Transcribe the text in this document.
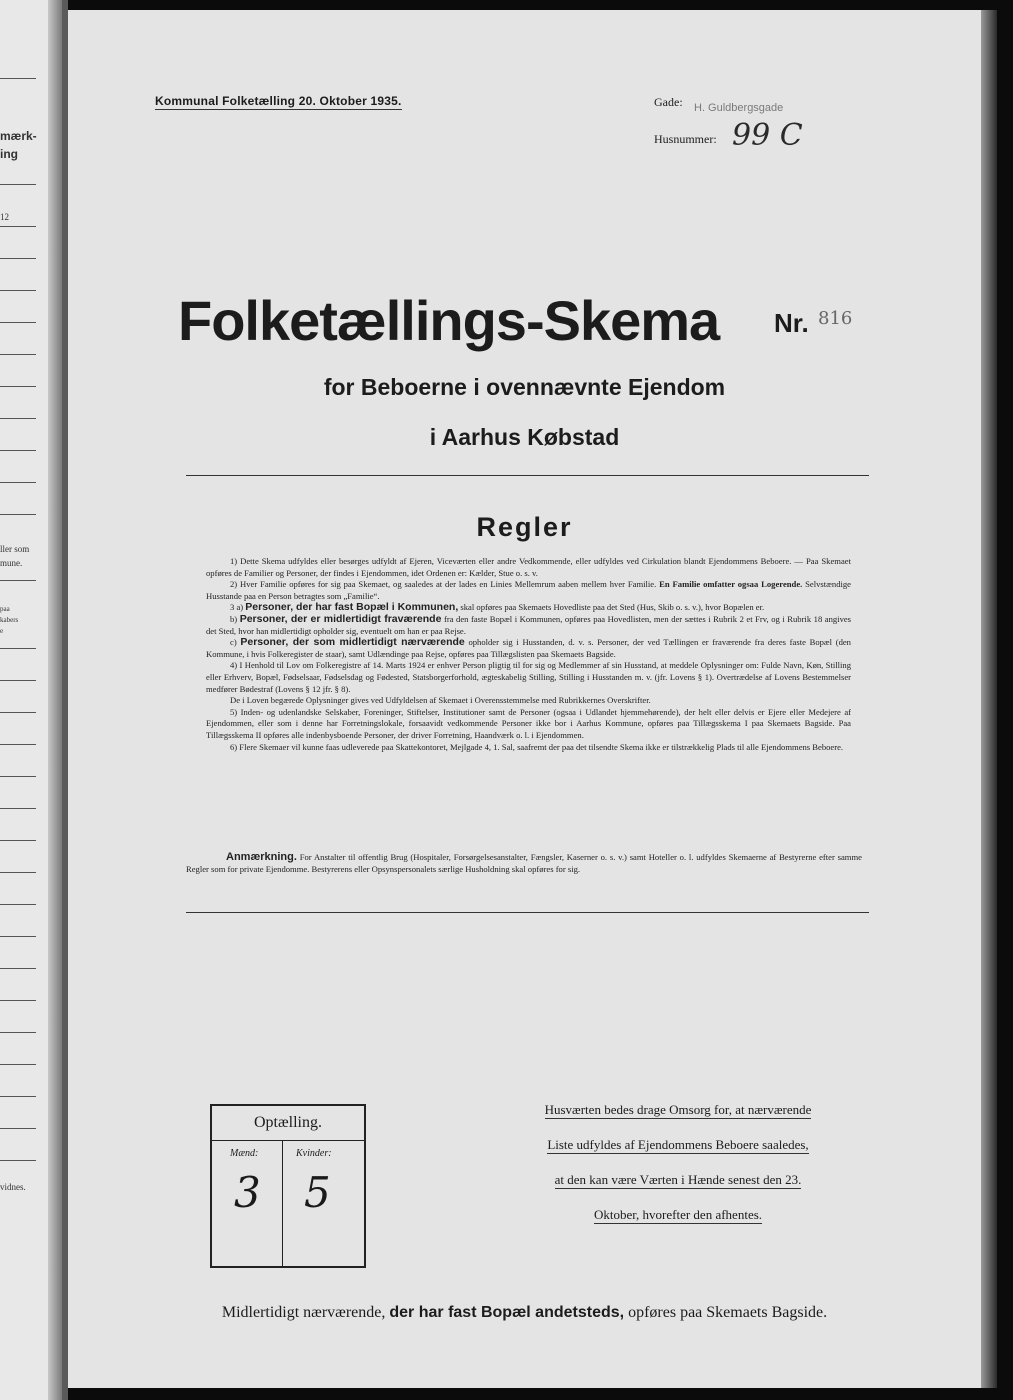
mærk-
ing
12
ller som
mune.
paa
kabers
e
vidnes.
Kommunal Folketælling 20. Oktober 1935.	Gade: H. Guldbergsgade
Husnummer: 99 C
Folketællings-Skema Nr. 816
for Beboerne i ovennævnte Ejendom
i Aarhus Købstad
Regler

1) Dette Skema udfyldes eller besørges udfyldt af Ejeren, Viceværten eller andre Vedkommende, eller udfyldes ved Cirkulation blandt Ejendommens Beboere. — Paa Skemaet opføres de Familier og Personer, der findes i Ejendommen, idet Ordenen er: Kælder, Stue o. s. v.

2) Hver Familie opføres for sig paa Skemaet, og saaledes at der lades en Linies Mellemrum aaben mellem hver Familie. En Familie omfatter ogsaa Logerende. Selvstændige Husstande paa en Person betragtes som „Familie“.

3 a) Personer, der har fast Bopæl i Kommunen, skal opføres paa Skemaets Hovedliste paa det Sted (Hus, Skib o. s. v.), hvor Bopælen er.

b) Personer, der er midlertidigt fraværende fra den faste Bopæl i Kommunen, opføres paa Hovedlisten, men der sættes i Rubrik 2 et Frv, og i Rubrik 18 angives det Sted, hvor han midlertidigt opholder sig, eventuelt om han er paa Rejse.

c) Personer, der som midlertidigt nærværende opholder sig i Husstanden, d. v. s. Personer, der ved Tællingen er fraværende fra deres faste Bopæl (den Kommune, i hvis Folkeregister de staar), samt Udlændinge paa Rejse, opføres paa Tillægslisten paa Skemaets Bagside.

4) I Henhold til Lov om Folkeregistre af 14. Marts 1924 er enhver Person pligtig til for sig og Medlemmer af sin Husstand, at meddele Oplysninger om: Fulde Navn, Køn, Stilling eller Erhverv, Bopæl, Fødselsaar, Fødselsdag og Fødested, Statsborgerforhold, ægteskabelig Stilling, Stilling i Husstanden m. v. (jfr. Lovens § 1). Overtrædelse af Lovens Bestemmelser medfører Bødestraf (Lovens § 12 jfr. § 8).

De i Loven begærede Oplysninger gives ved Udfyldelsen af Skemaet i Overensstemmelse med Rubrikkernes Overskrifter.

5) Inden- og udenlandske Selskaber, Foreninger, Stiftelser, Institutioner samt de Personer (ogsaa i Udlandet hjemmehørende), der helt eller delvis er Ejere eller Medejere af Ejendommen, eller som i denne har Forretningslokale, forsaavidt vedkommende Personer ikke bor i Aarhus Kommune, opføres paa Tillægsskema I paa Skemaets Bagside. Paa Tillægsskema II opføres alle indenbysboende Personer, der driver Forretning, Haandværk o. l. i Ejendommen.

6) Flere Skemaer vil kunne faas udleverede paa Skattekontoret, Mejlgade 4, 1. Sal, saafremt der paa det tilsendte Skema ikke er tilstrækkelig Plads til alle Ejendommens Beboere.

Anmærkning. For Anstalter til offentlig Brug (Hospitaler, Forsørgelsesanstalter, Fængsler, Kaserner o. s. v.) samt Hoteller o. l. udfyldes Skemaerne af Bestyrerne efter samme Regler som for private Ejendomme. Bestyrerens eller Opsynspersonalets særlige Husholdning skal opføres for sig.
Optælling.
Mænd:	Kvinder:
3 5
Husværten bedes drage Omsorg for, at nærværende
Liste udfyldes af Ejendommens Beboere saaledes,
at den kan være Værten i Hænde senest den 23.
Oktober, hvorefter den afhentes.
Midlertidigt nærværende, der har fast Bopæl andetsteds, opføres paa Skemaets Bagside.
